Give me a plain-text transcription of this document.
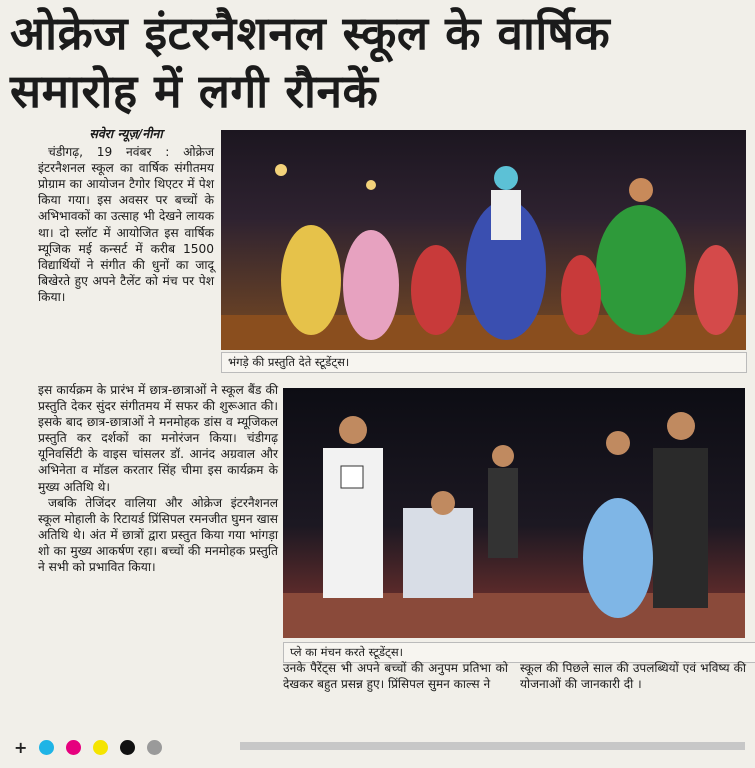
ओक्रेज इंटरनैशनल स्कूल के वार्षिक समारोह में लगी रौनकें

सवेरा न्यूज़/नीना

चंडीगढ़, 19 नवंबर : ओक्रेज इंटरनैशनल स्कूल का वार्षिक संगीतमय प्रोग्राम का आयोजन टैगोर थिएटर में पेश किया गया। इस अवसर पर बच्चों के अभिभावकों का उत्साह भी देखने लायक था। दो स्लॉट में आयोजित इस वार्षिक म्यूजिक मई कन्सर्ट में करीब 1500 विद्यार्थियों ने संगीत की धुनों का जादू बिखेरते हुए अपने टैलेंट को मंच पर पेश किया।

इस कार्यक्रम के प्रारंभ में छात्र-छात्राओं ने स्कूल बैंड की प्रस्तुति देकर सुंदर संगीतमय में सफर की शुरूआत की। इसके बाद छात्र-छात्राओं ने मनमोहक डांस व म्यूजिकल प्रस्तुति कर दर्शकों का मनोरंजन किया। चंडीगढ़ यूनिवर्सिटी के वाइस चांसलर डॉ. आनंद अग्रवाल और अभिनेता व मॉडल करतार सिंह चीमा इस कार्यक्रम के मुख्य अतिथि थे।

जबकि तेजिंदर वालिया और ओक्रेज इंटरनैशनल स्कूल मोहाली के रिटायर्ड प्रिंसिपल रमनजीत घुमन खास अतिथि थे। अंत में छात्रों द्वारा प्रस्तुत किया गया भांगड़ा शो का मुख्य आकर्षण रहा। बच्चों की मनमोहक प्रस्तुति ने सभी को प्रभावित किया।

भंगड़े की प्रस्तुति देते स्टूडेंट्स।
प्ले का मंचन करते स्टूडेंट्स।

उनके पैरेंट्स भी अपने बच्चों की अनुपम प्रतिभा को देखकर बहुत प्रसन्न हुए। प्रिंसिपल सुमन काल्स ने

स्कूल की पिछले साल की उपलब्धियों एवं भविष्य की योजनाओं की जानकारी दी ।

+
